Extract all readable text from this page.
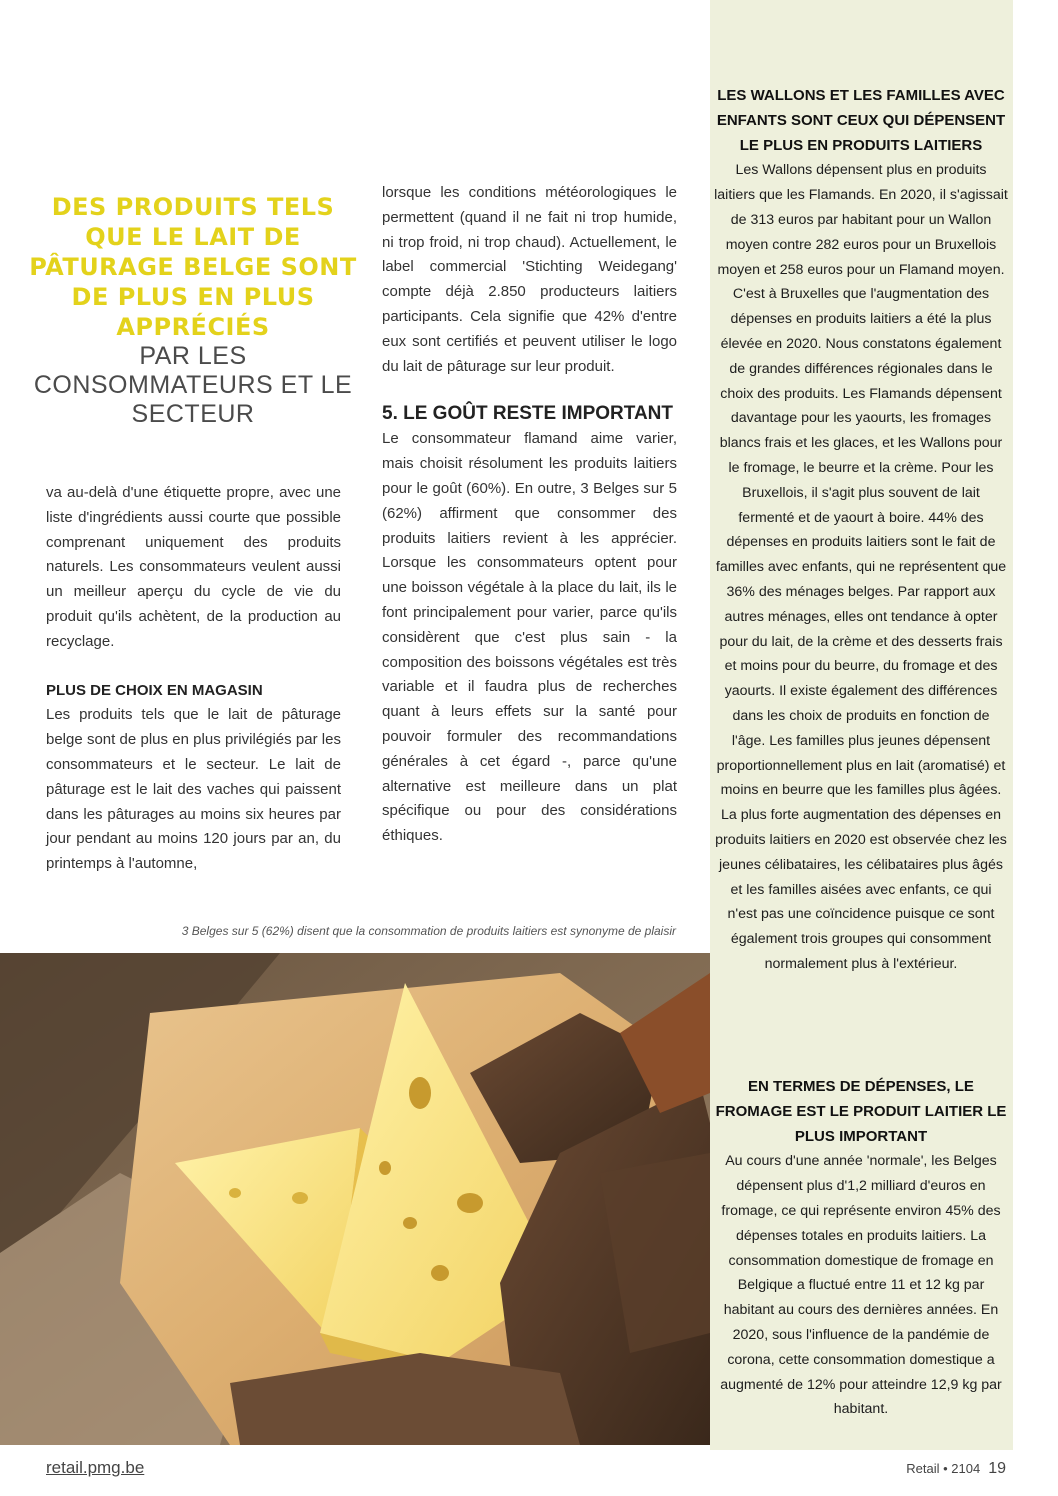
DES PRODUITS TELS QUE LE LAIT DE PÂTURAGE BELGE SONT DE PLUS EN PLUS APPRÉCIÉS
PAR LES CONSOMMATEURS ET LE SECTEUR

va au-delà d'une étiquette propre, avec une liste d'ingrédients aussi courte que possible comprenant uniquement des produits naturels. Les consommateurs veulent aussi un meilleur aperçu du cycle de vie du produit qu'ils achètent, de la production au recyclage.

PLUS DE CHOIX EN MAGASIN

Les produits tels que le lait de pâturage belge sont de plus en plus privilégiés par les consommateurs et le secteur. Le lait de pâturage est le lait des vaches qui paissent dans les pâturages au moins six heures par jour pendant au moins 120 jours par an, du printemps à l'automne,

lorsque les conditions météorologiques le permettent (quand il ne fait ni trop humide, ni trop froid, ni trop chaud). Actuellement, le label commercial 'Stichting Weidegang' compte déjà 2.850 producteurs laitiers participants. Cela signifie que 42% d'entre eux sont certifiés et peuvent utiliser le logo du lait de pâturage sur leur produit.

5. LE GOÛT RESTE IMPORTANT

Le consommateur flamand aime varier, mais choisit résolument les produits laitiers pour le goût (60%). En outre, 3 Belges sur 5 (62%) affirment que consommer des produits laitiers revient à les apprécier. Lorsque les consommateurs optent pour une boisson végétale à la place du lait, ils le font principalement pour varier, parce qu'ils considèrent que c'est plus sain - la composition des boissons végétales est très variable et il faudra plus de recherches quant à leurs effets sur la santé pour pouvoir formuler des recommandations générales à cet égard -, parce qu'une alternative est meilleure dans un plat spécifique ou pour des considérations éthiques.

3 Belges sur 5 (62%) disent que la consommation de produits laitiers est synonyme de plaisir
LES WALLONS ET LES FAMILLES AVEC ENFANTS SONT CEUX QUI DÉPENSENT LE PLUS EN PRODUITS LAITIERS

Les Wallons dépensent plus en produits laitiers que les Flamands. En 2020, il s'agissait de 313 euros par habitant pour un Wallon moyen contre 282 euros pour un Bruxellois moyen et 258 euros pour un Flamand moyen. C'est à Bruxelles que l'augmentation des dépenses en produits laitiers a été la plus élevée en 2020. Nous constatons également de grandes différences régionales dans le choix des produits. Les Flamands dépensent davantage pour les yaourts, les fromages blancs frais et les glaces, et les Wallons pour le fromage, le beurre et la crème. Pour les Bruxellois, il s'agit plus souvent de lait fermenté et de yaourt à boire. 44% des dépenses en produits laitiers sont le fait de familles avec enfants, qui ne représentent que 36% des ménages belges. Par rapport aux autres ménages, elles ont tendance à opter pour du lait, de la crème et des desserts frais et moins pour du beurre, du fromage et des yaourts. Il existe également des différences dans les choix de produits en fonction de l'âge. Les familles plus jeunes dépensent proportionnellement plus en lait (aromatisé) et moins en beurre que les familles plus âgées.

La plus forte augmentation des dépenses en produits laitiers en 2020 est observée chez les jeunes célibataires, les célibataires plus âgés et les familles aisées avec enfants, ce qui n'est pas une coïncidence puisque ce sont également trois groupes qui consomment normalement plus à l'extérieur.

EN TERMES DE DÉPENSES, LE FROMAGE EST LE PRODUIT LAITIER LE PLUS IMPORTANT

Au cours d'une année 'normale', les Belges dépensent plus d'1,2 milliard d'euros en fromage, ce qui représente environ 45% des dépenses totales en produits laitiers. La consommation domestique de fromage en Belgique a fluctué entre 11 et 12 kg par habitant au cours des dernières années. En 2020, sous l'influence de la pandémie de corona, cette consommation domestique a augmenté de 12% pour atteindre 12,9 kg par habitant.

retail.pmg.be	Retail • 2104 19
